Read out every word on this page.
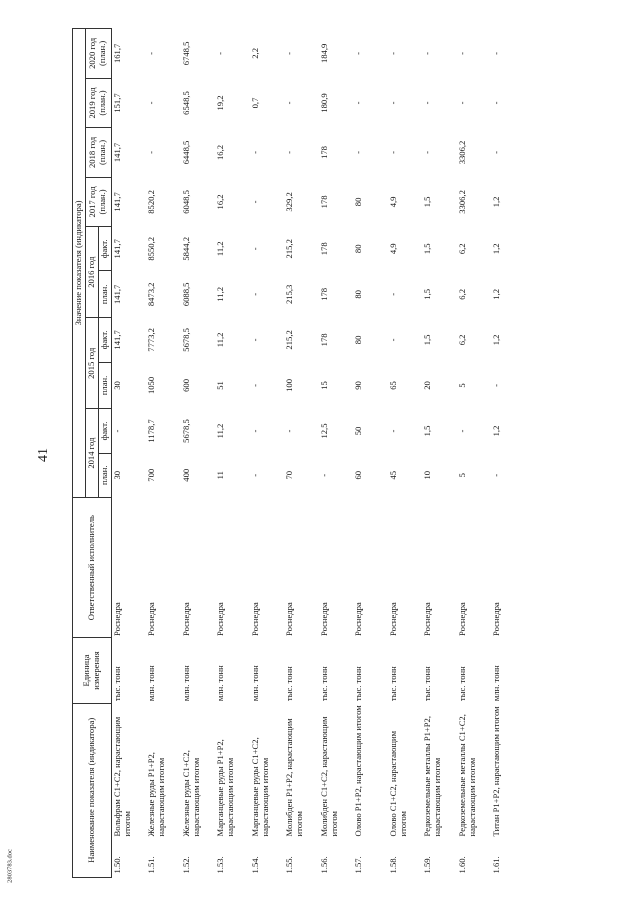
41
2803783.doc
Наименование показателя (индикатора)		Единица измерения	Ответственный исполнитель	Значение показателя (индикатора)									
				2014 год		2015 год		2016 год		2017 год (план.)	2018 год (план.)	2019 год (план.)	2020 год (план.)
				план.	факт.	план.	факт.	план.	факт.				
1.50.	Вольфрам С1+С2, нарастающим итогом	тыс. тонн	Роснедра	30	-	30	141,7	141,7	141,7	141,7	141,7	151,7	161,7
1.51.	Железные руды Р1+Р2, нарастающим итогом	млн. тонн	Роснедра	700	1178,7	1050	7773,2	8473,2	8550,2	8520,2	-	-	-
1.52.	Железные руды С1+С2, нарастающим итогом	млн. тонн	Роснедра	400	5678,5	600	5678,5	6088,5	5844,2	6048,5	6448,5	6548,5	6748,5
1.53.	Марганцевые руды Р1+Р2, нарастающим итогом	млн. тонн	Роснедра	11	11,2	51	11,2	11,2	11,2	16,2	16,2	19,2	-
1.54.	Марганцевые руды С1+С2, нарастающим итогом	млн. тонн	Роснедра	-	-	-	-	-	-	-	-	0,7	2,2
1.55.	Молибден Р1+Р2, нарастающим итогом	тыс. тонн	Роснедра	70	-	100	215,2	215,3	215,2	329,2	-	-	-
1.56.	Молибден С1+С2, нарастающим итогом	тыс. тонн	Роснедра	-	12,5	15	178	178	178	178	178	180,9	184,9
1.57.	Олово Р1+Р2, нарастающим итогом	тыс. тонн	Роснедра	60	50	90	80	80	80	80	-	-	-
1.58.	Олово С1+С2, нарастающим итогом	тыс. тонн	Роснедра	45	-	65	-	-	4,9	4,9	-	-	-
1.59.	Редкоземельные металлы Р1+Р2, нарастающим итогом	тыс. тонн	Роснедра	10	1,5	20	1,5	1,5	1,5	1,5	-	-	-
1.60.	Редкоземельные металлы С1+С2, нарастающим итогом	тыс. тонн	Роснедра	5	-	5	6,2	6,2	6,2	3306,2	3306,2	-	-
1.61.	Титан Р1+Р2, нарастающим итогом	млн. тонн	Роснедра	-	1,2	-	1,2	1,2	1,2	1,2	-	-	-
